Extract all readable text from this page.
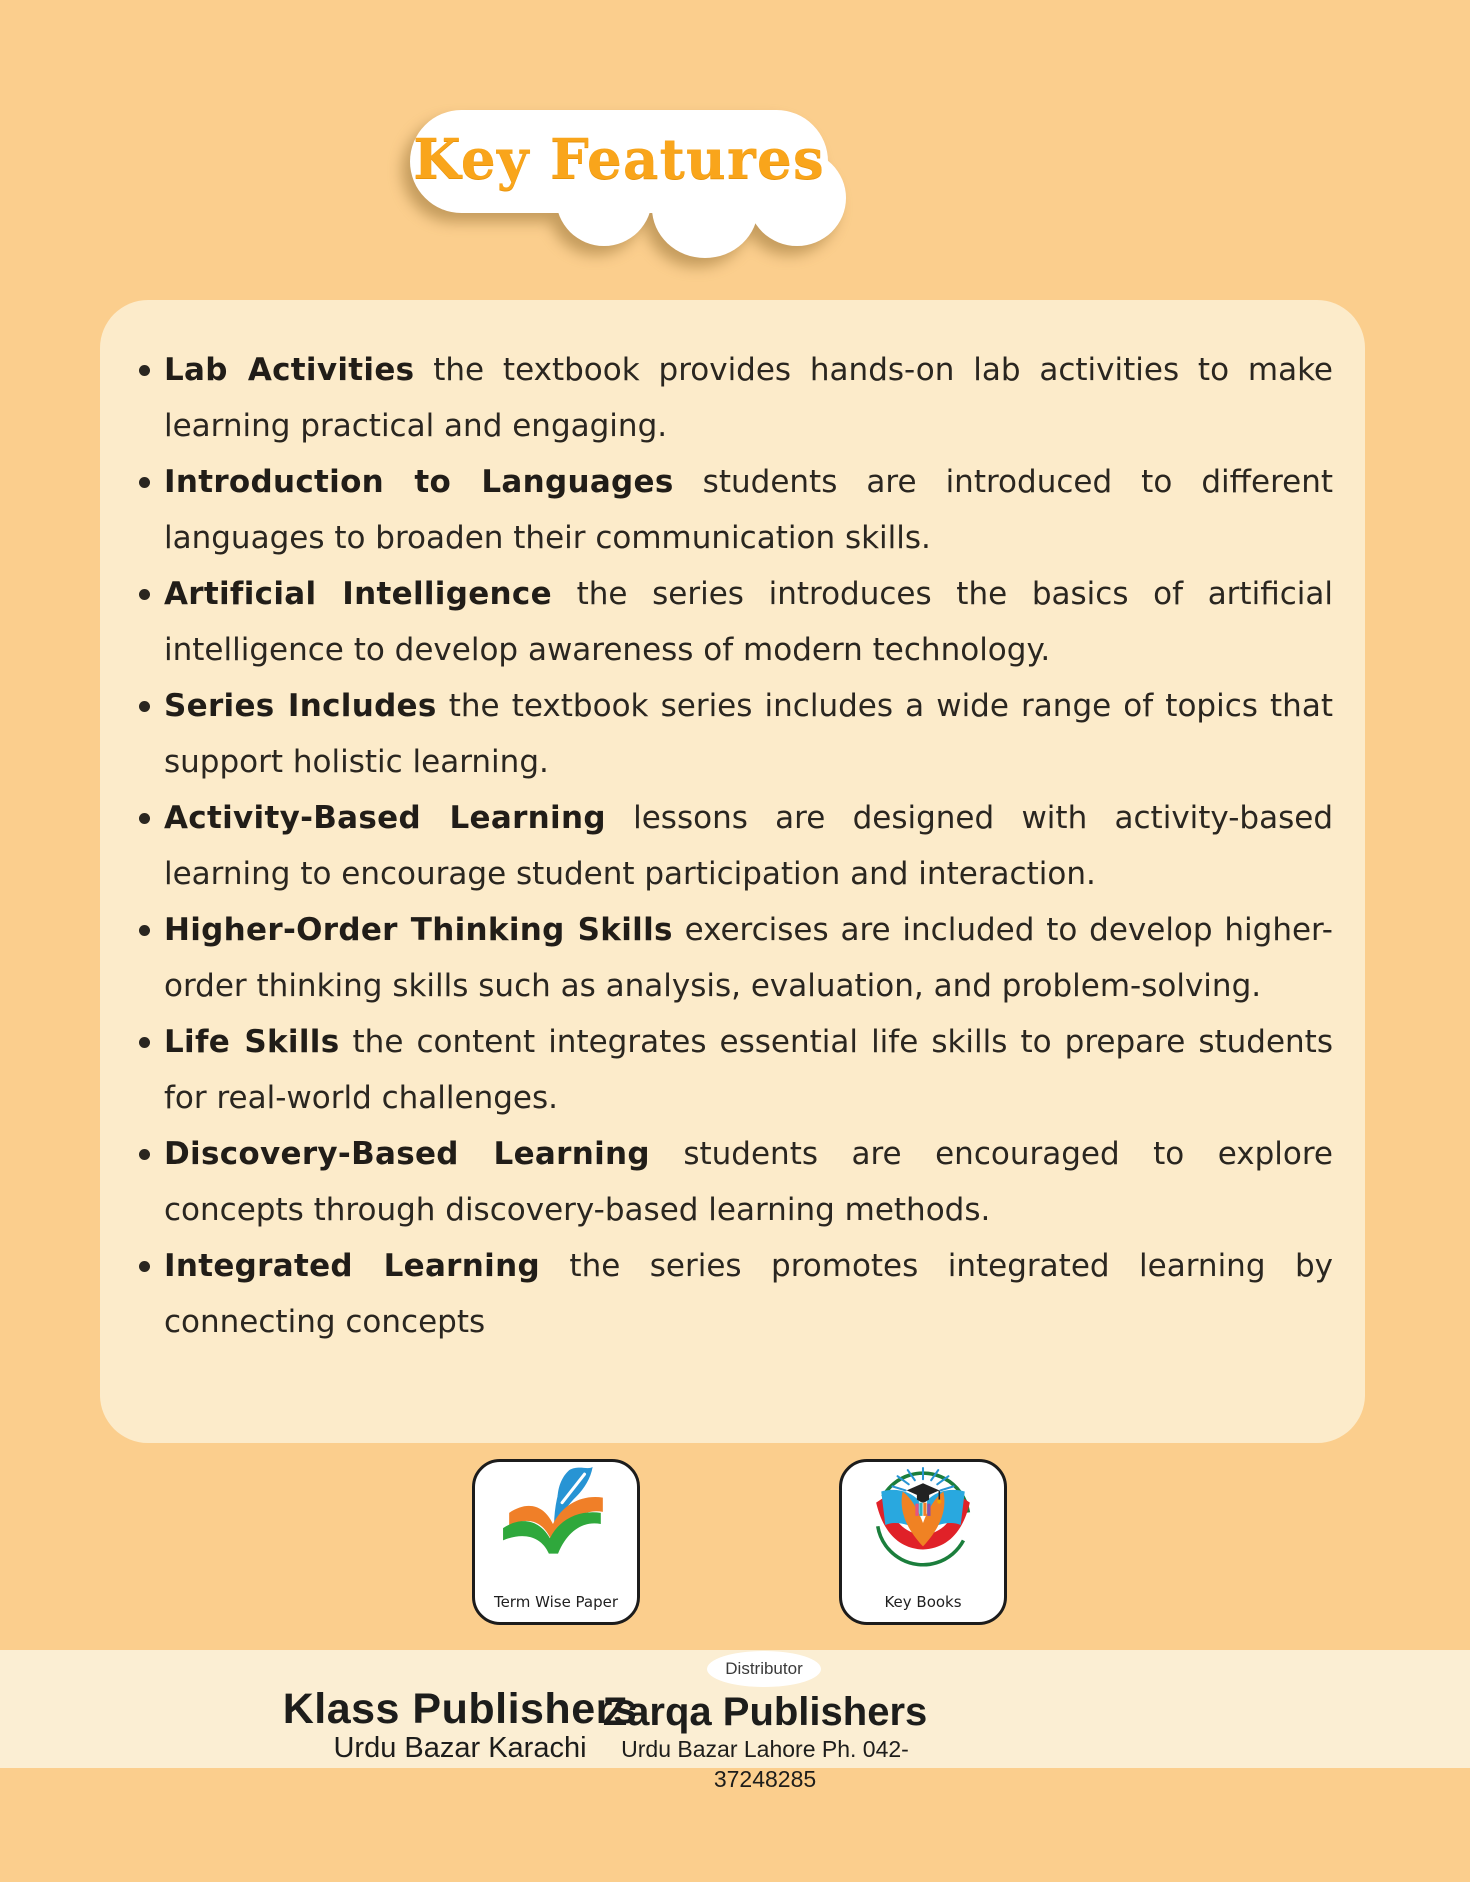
Key Features
Lab Activities the textbook provides hands-on lab activities to make learning practical and engaging.
Introduction to Languages students are introduced to different languages to broaden their communication skills.
Artificial Intelligence the series introduces the basics of artificial intelligence to develop awareness of modern technology.
Series Includes the textbook series includes a wide range of topics that support holistic learning.
Activity-Based Learning lessons are designed with activity-based learning to encourage student participation and interaction.
Higher-Order Thinking Skills exercises are included to develop higher-order thinking skills such as analysis, evaluation, and problem-solving.
Life Skills the content integrates essential life skills to prepare students for real-world challenges.
Discovery-Based Learning students are encouraged to explore concepts through discovery-based learning methods.
Integrated Learning the series promotes integrated learning by connecting concepts
Term Wise Paper	Key Books
Distributor
Klass Publishers
Urdu Bazar Karachi
Zarqa Publishers
Urdu Bazar Lahore Ph. 042-37248285
